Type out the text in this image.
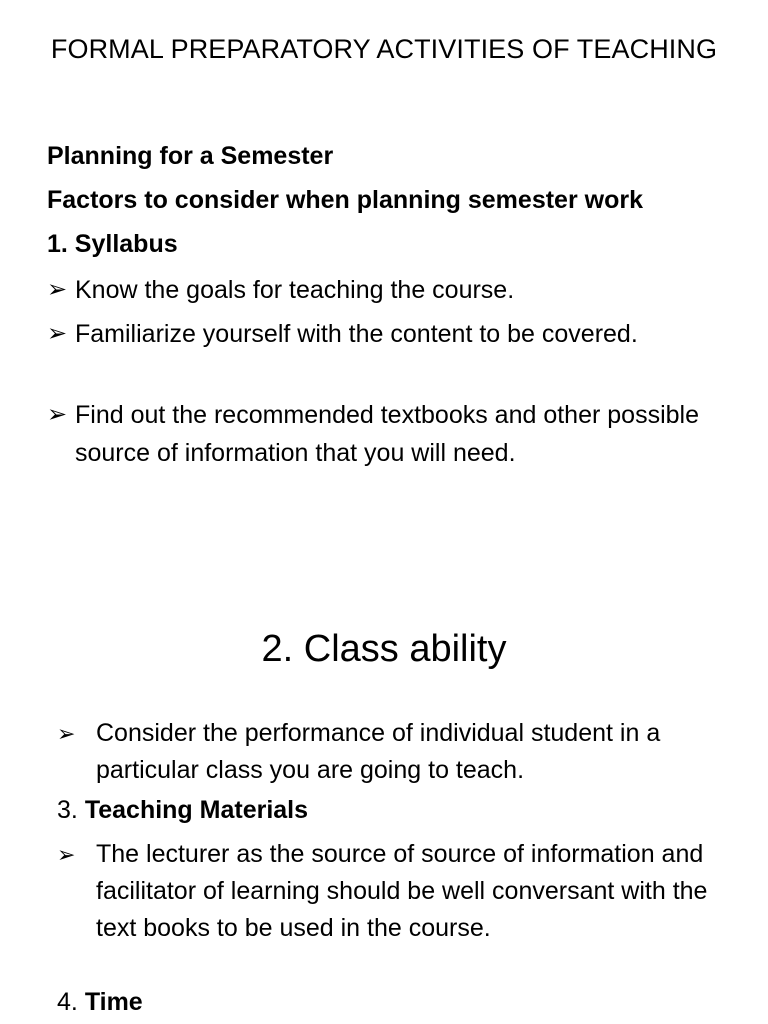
FORMAL PREPARATORY ACTIVITIES OF TEACHING
Planning for a Semester
Factors to consider when planning semester work
1. Syllabus
➢ Know the goals for teaching the course.
➢ Familiarize yourself with the content to be covered.
➢ Find out the recommended textbooks and other possible source of information that you will need.
2. Class ability
➢ Consider the performance of individual student in a particular class you are going to teach.
3. Teaching Materials
➢ The lecturer as the source of source of information and facilitator of learning should be well conversant with the text books to be used in the course.
4. Time
